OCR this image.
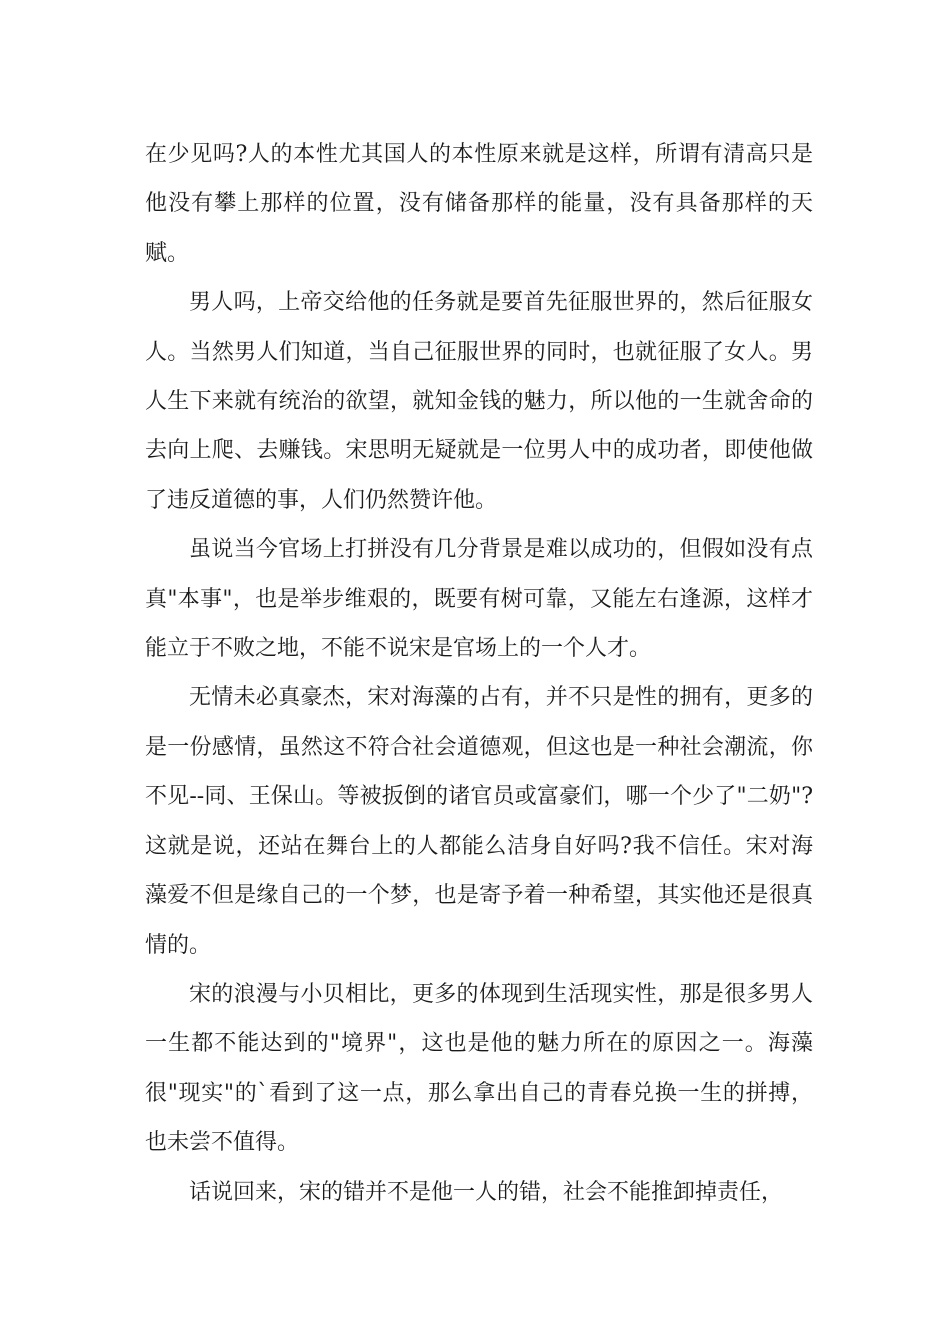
在少见吗?人的本性尤其国人的本性原来就是这样，所谓有清高只是他没有攀上那样的位置，没有储备那样的能量，没有具备那样的天赋。

男人吗，上帝交给他的任务就是要首先征服世界的，然后征服女人。当然男人们知道，当自己征服世界的同时，也就征服了女人。男人生下来就有统治的欲望，就知金钱的魅力，所以他的一生就舍命的去向上爬、去赚钱。宋思明无疑就是一位男人中的成功者，即使他做了违反道德的事，人们仍然赞许他。

虽说当今官场上打拼没有几分背景是难以成功的，但假如没有点真"本事"，也是举步维艰的，既要有树可靠，又能左右逢源，这样才能立于不败之地，不能不说宋是官场上的一个人才。

无情未必真豪杰，宋对海藻的占有，并不只是性的拥有，更多的是一份感情，虽然这不符合社会道德观，但这也是一种社会潮流，你不见--同、王保山。等被扳倒的诸官员或富豪们，哪一个少了"二奶"?这就是说，还站在舞台上的人都能么洁身自好吗?我不信任。宋对海藻爱不但是缘自己的一个梦，也是寄予着一种希望，其实他还是很真情的。

宋的浪漫与小贝相比，更多的体现到生活现实性，那是很多男人一生都不能达到的"境界"，这也是他的魅力所在的原因之一。海藻很"现实"的`看到了这一点，那么拿出自己的青春兑换一生的拼搏，也未尝不值得。

话说回来，宋的错并不是他一人的错，社会不能推卸掉责任，
